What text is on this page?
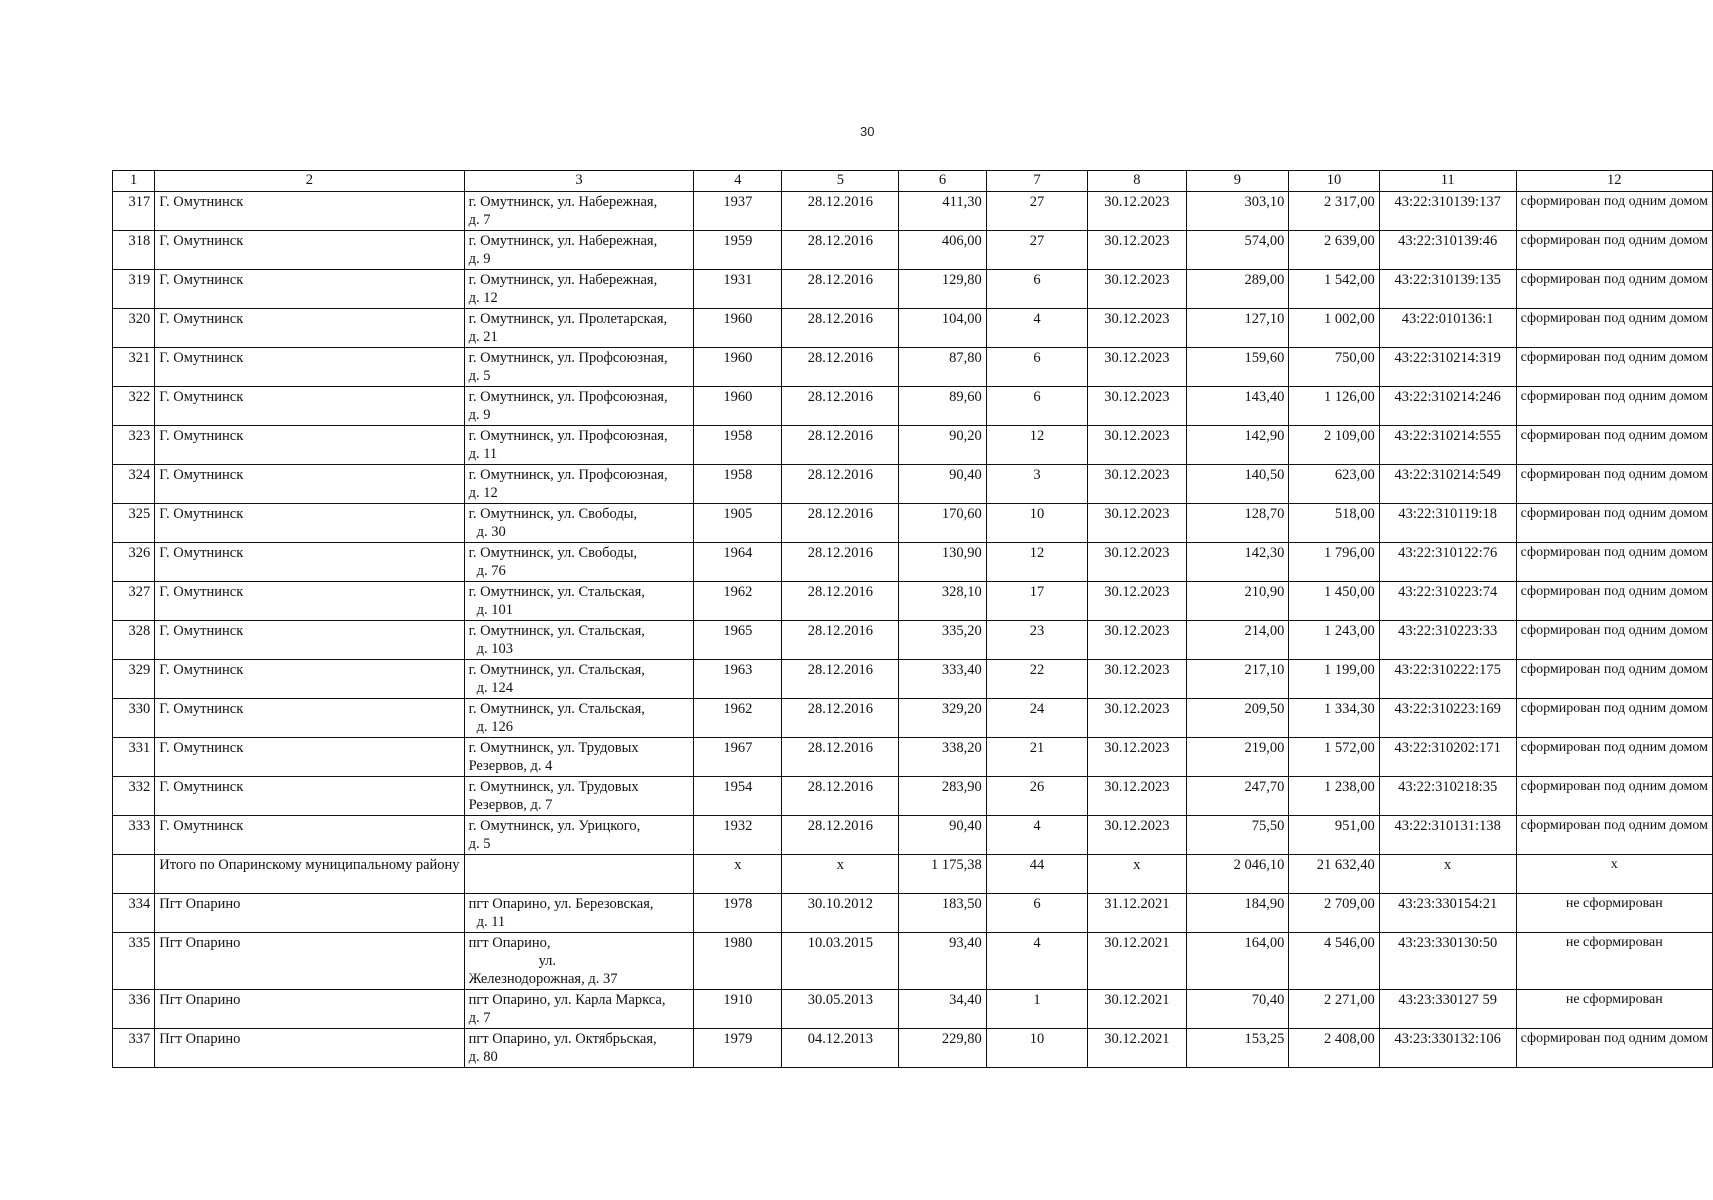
30
1	2	3	4	5	6	7	8	9	10	11	12
317	Г. Омутнинск	г. Омутнинск, ул. Набережная,
д. 7	1937	28.12.2016	411,30	27	30.12.2023	303,10	2 317,00	43:22:310139:137	сформирован под одним домом
318	Г. Омутнинск	г. Омутнинск, ул. Набережная,
д. 9	1959	28.12.2016	406,00	27	30.12.2023	574,00	2 639,00	43:22:310139:46	сформирован под одним домом
319	Г. Омутнинск	г. Омутнинск, ул. Набережная,
д. 12	1931	28.12.2016	129,80	6	30.12.2023	289,00	1 542,00	43:22:310139:135	сформирован под одним домом
320	Г. Омутнинск	г. Омутнинск, ул. Пролетарская,
д. 21	1960	28.12.2016	104,00	4	30.12.2023	127,10	1 002,00	43:22:010136:1	сформирован под одним домом
321	Г. Омутнинск	г. Омутнинск, ул. Профсоюзная,
д. 5	1960	28.12.2016	87,80	6	30.12.2023	159,60	750,00	43:22:310214:319	сформирован под одним домом
322	Г. Омутнинск	г. Омутнинск, ул. Профсоюзная,
д. 9	1960	28.12.2016	89,60	6	30.12.2023	143,40	1 126,00	43:22:310214:246	сформирован под одним домом
323	Г. Омутнинск	г. Омутнинск, ул. Профсоюзная,
д. 11	1958	28.12.2016	90,20	12	30.12.2023	142,90	2 109,00	43:22:310214:555	сформирован под одним домом
324	Г. Омутнинск	г. Омутнинск, ул. Профсоюзная,
д. 12	1958	28.12.2016	90,40	3	30.12.2023	140,50	623,00	43:22:310214:549	сформирован под одним домом
325	Г. Омутнинск	г. Омутнинск, ул. Свободы,
д. 30	1905	28.12.2016	170,60	10	30.12.2023	128,70	518,00	43:22:310119:18	сформирован под одним домом
326	Г. Омутнинск	г. Омутнинск, ул. Свободы,
д. 76	1964	28.12.2016	130,90	12	30.12.2023	142,30	1 796,00	43:22:310122:76	сформирован под одним домом
327	Г. Омутнинск	г. Омутнинск, ул. Стальская,
д. 101	1962	28.12.2016	328,10	17	30.12.2023	210,90	1 450,00	43:22:310223:74	сформирован под одним домом
328	Г. Омутнинск	г. Омутнинск, ул. Стальская,
д. 103	1965	28.12.2016	335,20	23	30.12.2023	214,00	1 243,00	43:22:310223:33	сформирован под одним домом
329	Г. Омутнинск	г. Омутнинск, ул. Стальская,
д. 124	1963	28.12.2016	333,40	22	30.12.2023	217,10	1 199,00	43:22:310222:175	сформирован под одним домом
330	Г. Омутнинск	г. Омутнинск, ул. Стальская,
д. 126	1962	28.12.2016	329,20	24	30.12.2023	209,50	1 334,30	43:22:310223:169	сформирован под одним домом
331	Г. Омутнинск	г. Омутнинск, ул. Трудовых
Резервов, д. 4	1967	28.12.2016	338,20	21	30.12.2023	219,00	1 572,00	43:22:310202:171	сформирован под одним домом
332	Г. Омутнинск	г. Омутнинск, ул. Трудовых
Резервов, д. 7	1954	28.12.2016	283,90	26	30.12.2023	247,70	1 238,00	43:22:310218:35	сформирован под одним домом
333	Г. Омутнинск	г. Омутнинск, ул. Урицкого,
д. 5	1932	28.12.2016	90,40	4	30.12.2023	75,50	951,00	43:22:310131:138	сформирован под одним домом
	Итого по Опаринскому муниципальному району		х	х	1 175,38	44	х	2 046,10	21 632,40	х	х
334	Пгт Опарино	пгт Опарино, ул. Березовская,
д. 11	1978	30.10.2012	183,50	6	31.12.2021	184,90	2 709,00	43:23:330154:21	не сформирован
335	Пгт Опарино	пгт Опарино,
ул.
Железнодорожная, д. 37	1980	10.03.2015	93,40	4	30.12.2021	164,00	4 546,00	43:23:330130:50	не сформирован
336	Пгт Опарино	пгт Опарино, ул. Карла Маркса,
д. 7	1910	30.05.2013	34,40	1	30.12.2021	70,40	2 271,00	43:23:330127 59	не сформирован
337	Пгт Опарино	пгт Опарино, ул. Октябрьская,
д. 80	1979	04.12.2013	229,80	10	30.12.2021	153,25	2 408,00	43:23:330132:106	сформирован под одним домом
